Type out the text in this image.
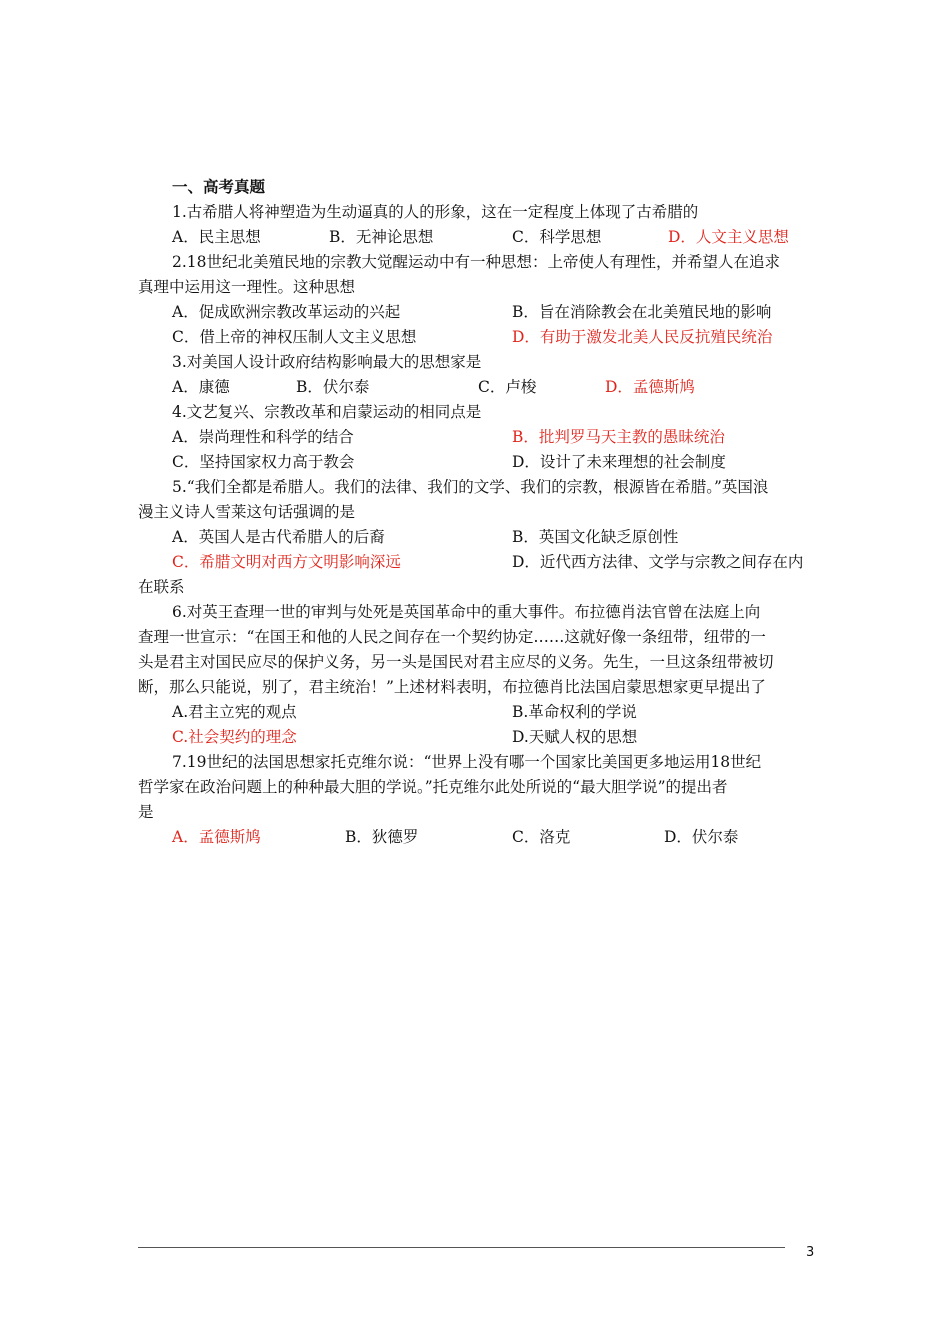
一、高考真题
1.古希腊人将神塑造为生动逼真的人的形象，这在一定程度上体现了古希腊的
A．民主思想	B．无神论思想	C．科学思想	D．人文主义思想
2.18世纪北美殖民地的宗教大觉醒运动中有一种思想：上帝使人有理性，并希望人在追求
真理中运用这一理性。这种思想
A．促成欧洲宗教改革运动的兴起	B．旨在消除教会在北美殖民地的影响
C．借上帝的神权压制人文主义思想	D．有助于激发北美人民反抗殖民统治
3.对美国人设计政府结构影响最大的思想家是
A．康德	B．伏尔泰	C．卢梭	D．孟德斯鸠
4.文艺复兴、宗教改革和启蒙运动的相同点是
A．崇尚理性和科学的结合	B．批判罗马天主教的愚昧统治
C．坚持国家权力高于教会	D．设计了未来理想的社会制度
5.“我们全都是希腊人。我们的法律、我们的文学、我们的宗教，根源皆在希腊。”英国浪
漫主义诗人雪莱这句话强调的是
A．英国人是古代希腊人的后裔	B．英国文化缺乏原创性
C．希腊文明对西方文明影响深远	D．近代西方法律、文学与宗教之间存在内
在联系
6.对英王查理一世的审判与处死是英国革命中的重大事件。布拉德肖法官曾在法庭上向
查理一世宣示：“在国王和他的人民之间存在一个契约协定……这就好像一条纽带，纽带的一
头是君主对国民应尽的保护义务，另一头是国民对君主应尽的义务。先生，一旦这条纽带被切
断，那么只能说，别了，君主统治！”上述材料表明，布拉德肖比法国启蒙思想家更早提出了
A.君主立宪的观点	B.革命权利的学说
C.社会契约的理念	D.天赋人权的思想
7.19世纪的法国思想家托克维尔说：“世界上没有哪一个国家比美国更多地运用18世纪
哲学家在政治问题上的种种最大胆的学说。”托克维尔此处所说的“最大胆学说”的提出者
是
A．孟德斯鸠	B．狄德罗	C．洛克	D．伏尔泰
3
